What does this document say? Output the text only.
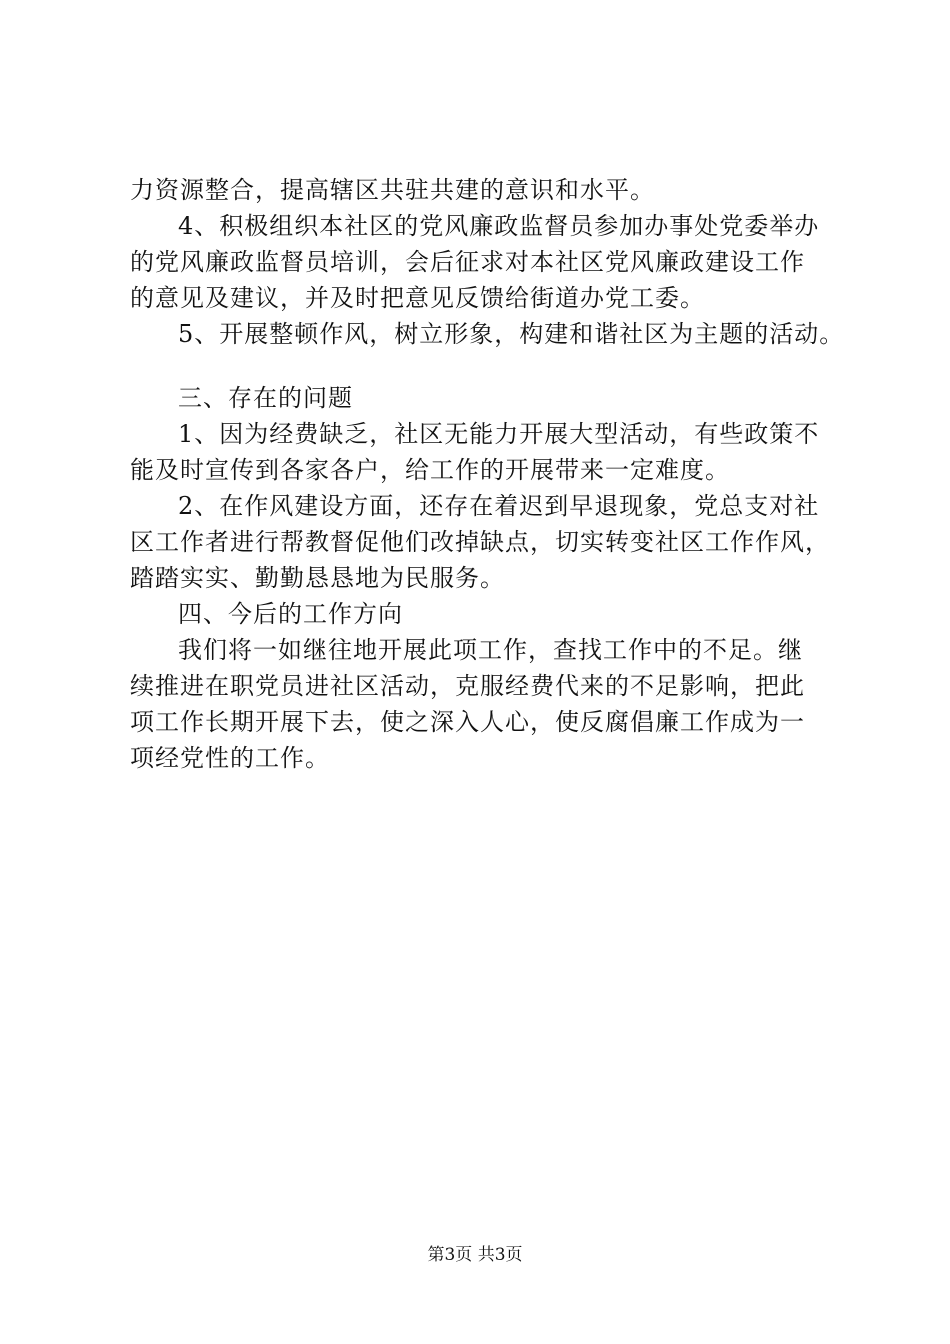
力资源整合，提高辖区共驻共建的意识和水平。
4、积极组织本社区的党风廉政监督员参加办事处党委举办
的党风廉政监督员培训，会后征求对本社区党风廉政建设工作
的意见及建议，并及时把意见反馈给街道办党工委。
5、开展整顿作风，树立形象，构建和谐社区为主题的活动。
三、存在的问题
1、因为经费缺乏，社区无能力开展大型活动，有些政策不
能及时宣传到各家各户，给工作的开展带来一定难度。
2、在作风建设方面，还存在着迟到早退现象，党总支对社
区工作者进行帮教督促他们改掉缺点，切实转变社区工作作风，
踏踏实实、勤勤恳恳地为民服务。
四、今后的工作方向
我们将一如继往地开展此项工作，查找工作中的不足。继
续推进在职党员进社区活动，克服经费代来的不足影响，把此
项工作长期开展下去，使之深入人心，使反腐倡廉工作成为一
项经党性的工作。
第3页 共3页
